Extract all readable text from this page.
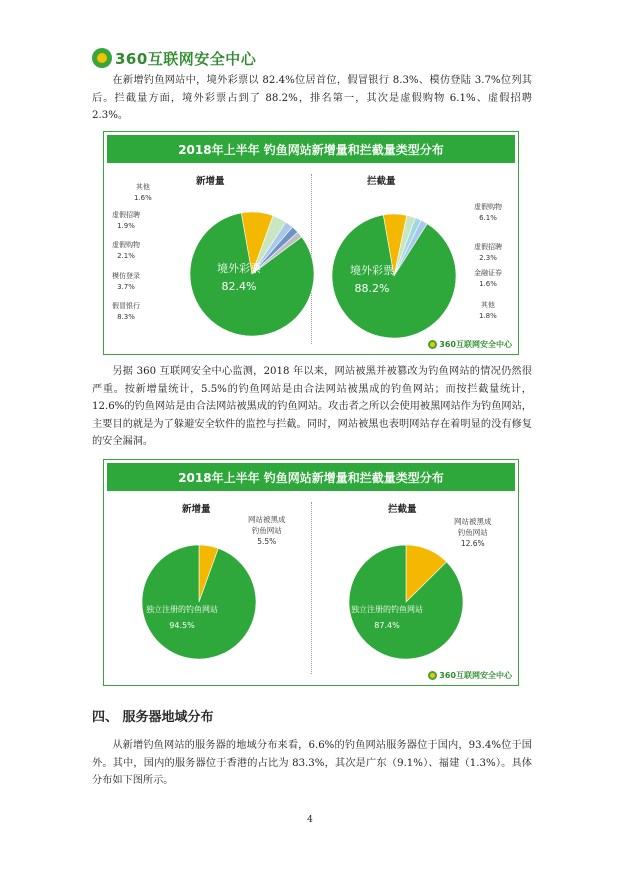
360互联网安全中心

在新增钓鱼网站中，境外彩票以 82.4%位居首位，假冒银行 8.3%、模仿登陆 3.7%位列其后。拦截量方面，境外彩票占到了 88.2%，排名第一，其次是虚假购物 6.1%、虚假招聘 2.3%。

2018年上半年 钓鱼网站新增量和拦截量类型分布
新增量	拦截量
其他
1.6%
虚假招聘
1.9%
虚假购物
2.1%
模仿登录
3.7%
假冒银行
8.3%
境外彩票
82.4%
虚假购物
6.1%
虚假招聘
2.3%
金融证券
1.6%
其他
1.8%
境外彩票
88.2%
360互联网安全中心

另据 360 互联网安全中心监测，2018 年以来，网站被黑并被篡改为钓鱼网站的情况仍然很严重。按新增量统计，5.5%的钓鱼网站是由合法网站被黑成的钓鱼网站；而按拦截量统计，12.6%的钓鱼网站是由合法网站被黑成的钓鱼网站。攻击者之所以会使用被黑网站作为钓鱼网站，主要目的就是为了躲避安全软件的监控与拦截。同时，网站被黑也表明网站存在着明显的没有修复的安全漏洞。

2018年上半年 钓鱼网站新增量和拦截量类型分布
新增量	拦截量
网站被黑成
钓鱼网站
5.5%
独立注册的钓鱼网站
94.5%
网站被黑成
钓鱼网站
12.6%
独立注册的钓鱼网站
87.4%
360互联网安全中心
四、 服务器地域分布

从新增钓鱼网站的服务器的地域分布来看，6.6%的钓鱼网站服务器位于国内，93.4%位于国外。其中，国内的服务器位于香港的占比为 83.3%，其次是广东（9.1%）、福建（1.3%）。具体分布如下图所示。

4
